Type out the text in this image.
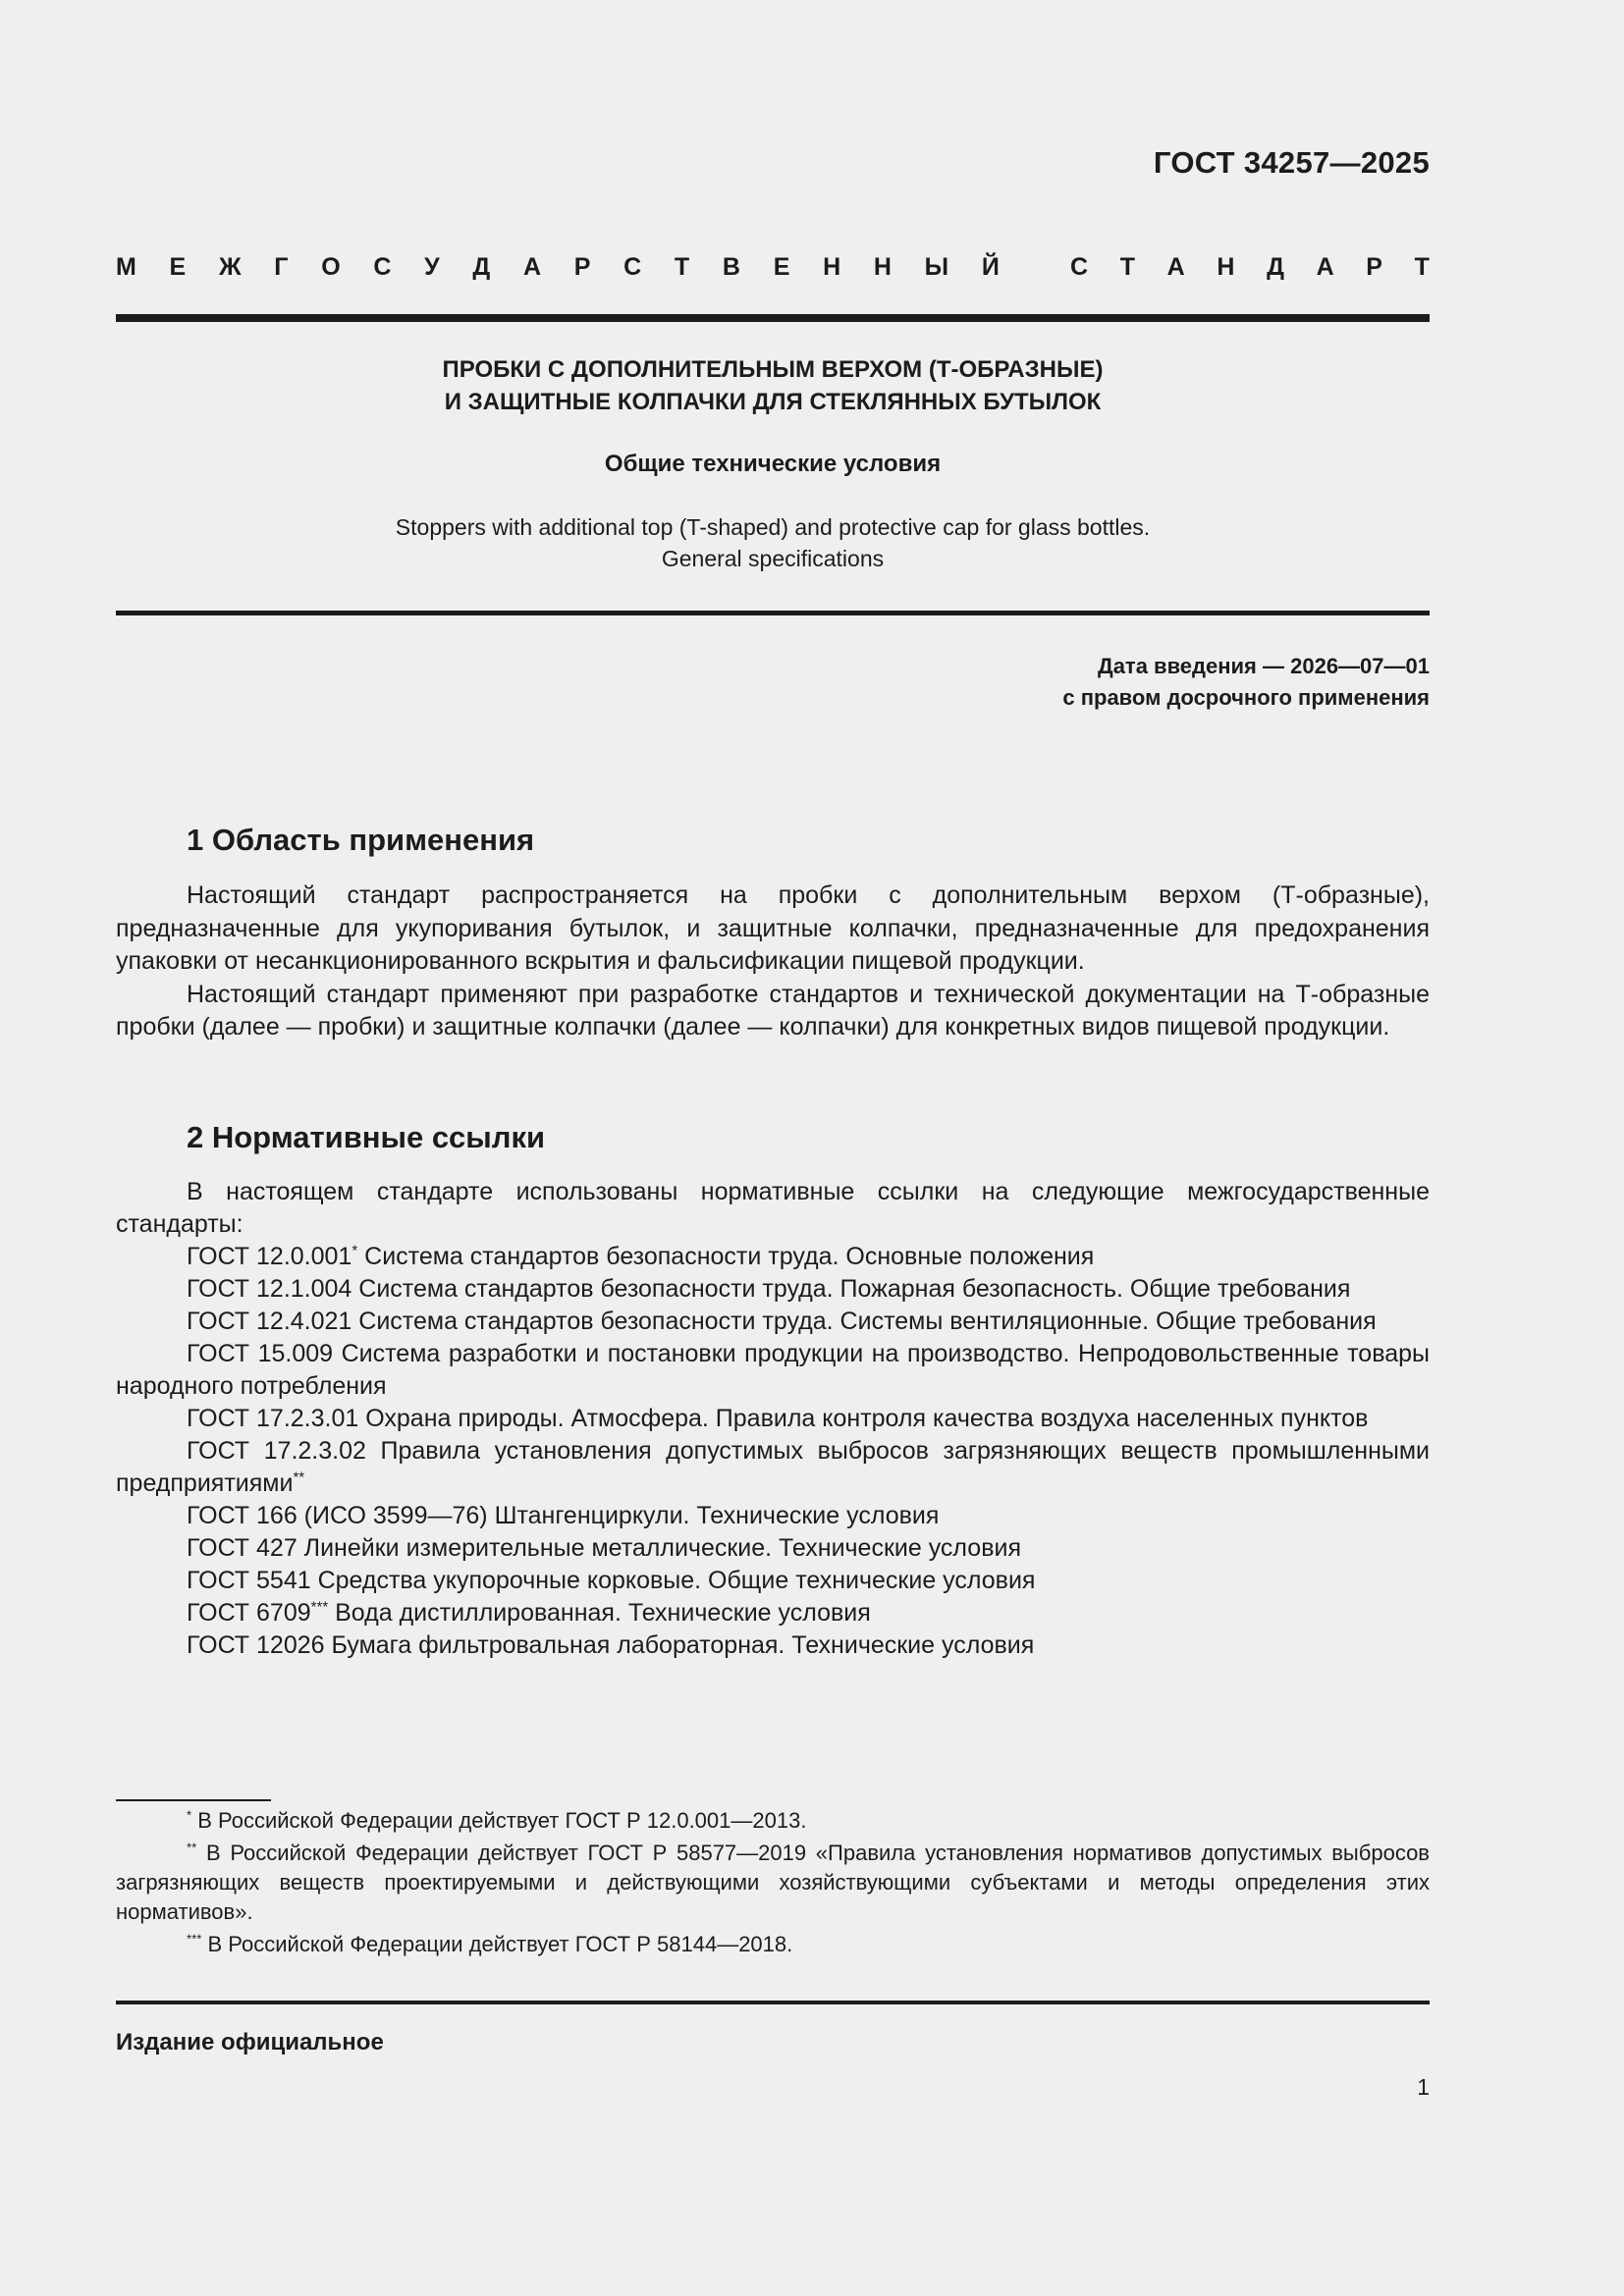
ГОСТ 34257—2025
М Е Ж Г О С У Д А Р С Т В Е Н Н Ы Й	С Т А Н Д А Р Т
ПРОБКИ С ДОПОЛНИТЕЛЬНЫМ ВЕРХОМ (Т-ОБРАЗНЫЕ)
И ЗАЩИТНЫЕ КОЛПАЧКИ ДЛЯ СТЕКЛЯННЫХ БУТЫЛОК
Общие технические условия
Stoppers with additional top (T-shaped) and protective cap for glass bottles.
General specifications
Дата введения — 2026—07—01
с правом досрочного применения
1 Область применения

Настоящий стандарт распространяется на пробки с дополнительным верхом (Т-образные), предназначенные для укупоривания бутылок, и защитные колпачки, предназначенные для предохранения упаковки от несанкционированного вскрытия и фальсификации пищевой продукции.

Настоящий стандарт применяют при разработке стандартов и технической документации на Т-образные пробки (далее — пробки) и защитные колпачки (далее — колпачки) для конкретных видов пищевой продукции.

2 Нормативные ссылки

В настоящем стандарте использованы нормативные ссылки на следующие межгосударственные стандарты:

ГОСТ 12.0.001* Система стандартов безопасности труда. Основные положения

ГОСТ 12.1.004 Система стандартов безопасности труда. Пожарная безопасность. Общие требования

ГОСТ 12.4.021 Система стандартов безопасности труда. Системы вентиляционные. Общие требования

ГОСТ 15.009 Система разработки и постановки продукции на производство. Непродовольственные товары народного потребления

ГОСТ 17.2.3.01 Охрана природы. Атмосфера. Правила контроля качества воздуха населенных пунктов

ГОСТ 17.2.3.02 Правила установления допустимых выбросов загрязняющих веществ промышленными предприятиями**

ГОСТ 166 (ИСО 3599—76) Штангенциркули. Технические условия

ГОСТ 427 Линейки измерительные металлические. Технические условия

ГОСТ 5541 Средства укупорочные корковые. Общие технические условия

ГОСТ 6709*** Вода дистиллированная. Технические условия

ГОСТ 12026 Бумага фильтровальная лабораторная. Технические условия

* В Российской Федерации действует ГОСТ Р 12.0.001—2013.

** В Российской Федерации действует ГОСТ Р 58577—2019 «Правила установления нормативов допустимых выбросов загрязняющих веществ проектируемыми и действующими хозяйствующими субъектами и методы определения этих нормативов».

*** В Российской Федерации действует ГОСТ Р 58144—2018.

Издание официальное
1
